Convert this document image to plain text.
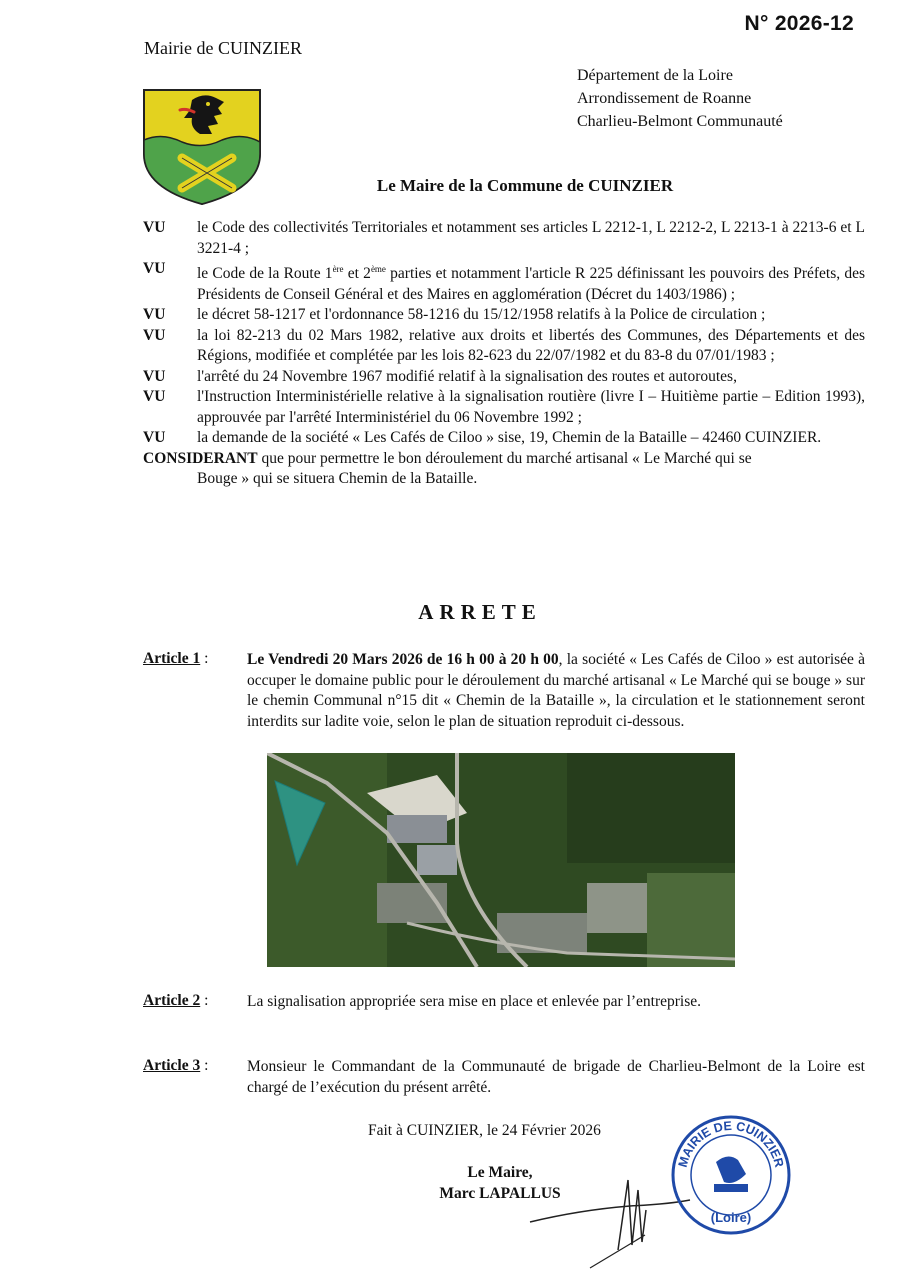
N° 2026-12
Mairie de CUINZIER
Département de la Loire
Arrondissement de Roanne
Charlieu-Belmont Communauté
Le Maire de la Commune de CUINZIER
VU	le Code des collectivités Territoriales et notamment ses articles L 2212-1, L 2212-2, L 2213-1 à 2213-6 et L 3221-4 ;
VU	le Code de la Route 1ère et 2ème parties et notamment l'article R 225 définissant les pouvoirs des Préfets, des Présidents de Conseil Général et des Maires en agglomération (Décret du 1403/1986) ;
VU	le décret 58-1217 et l'ordonnance 58-1216 du 15/12/1958 relatifs à la Police de circulation ;
VU	la loi 82-213 du 02 Mars 1982, relative aux droits et libertés des Communes, des Départements et des Régions, modifiée et complétée par les lois 82-623 du 22/07/1982 et du 83-8 du 07/01/1983 ;
VU	l'arrêté du 24 Novembre 1967 modifié relatif à la signalisation des routes et autoroutes,
VU	l'Instruction Interministérielle relative à la signalisation routière (livre I – Huitième partie – Edition 1993), approuvée par l'arrêté Interministériel du 06 Novembre 1992 ;
VU	la demande de la société « Les Cafés de Ciloo » sise, 19, Chemin de la Bataille – 42460 CUINZIER.
CONSIDERANT que pour permettre le bon déroulement du marché artisanal « Le Marché qui se
Bouge » qui se situera Chemin de la Bataille.
ARRETE
Article 1 : Le Vendredi 20 Mars 2026 de 16 h 00 à 20 h 00, la société « Les Cafés de Ciloo » est autorisée à occuper le domaine public pour le déroulement du marché artisanal « Le Marché qui se bouge » sur le chemin Communal n°15 dit « Chemin de la Bataille », la circulation et le stationnement seront interdits sur ladite voie, selon le plan de situation reproduit ci-dessous.
Article 2 : La signalisation appropriée sera mise en place et enlevée par l’entreprise.
Article 3 : Monsieur le Commandant de la Communauté de brigade de Charlieu-Belmont de la Loire est chargé de l’exécution du présent arrêté.
Fait à CUINZIER, le 24 Février 2026
Le Maire,
Marc LAPALLUS
MAIRIE DE CUINZIER
(Loire)
